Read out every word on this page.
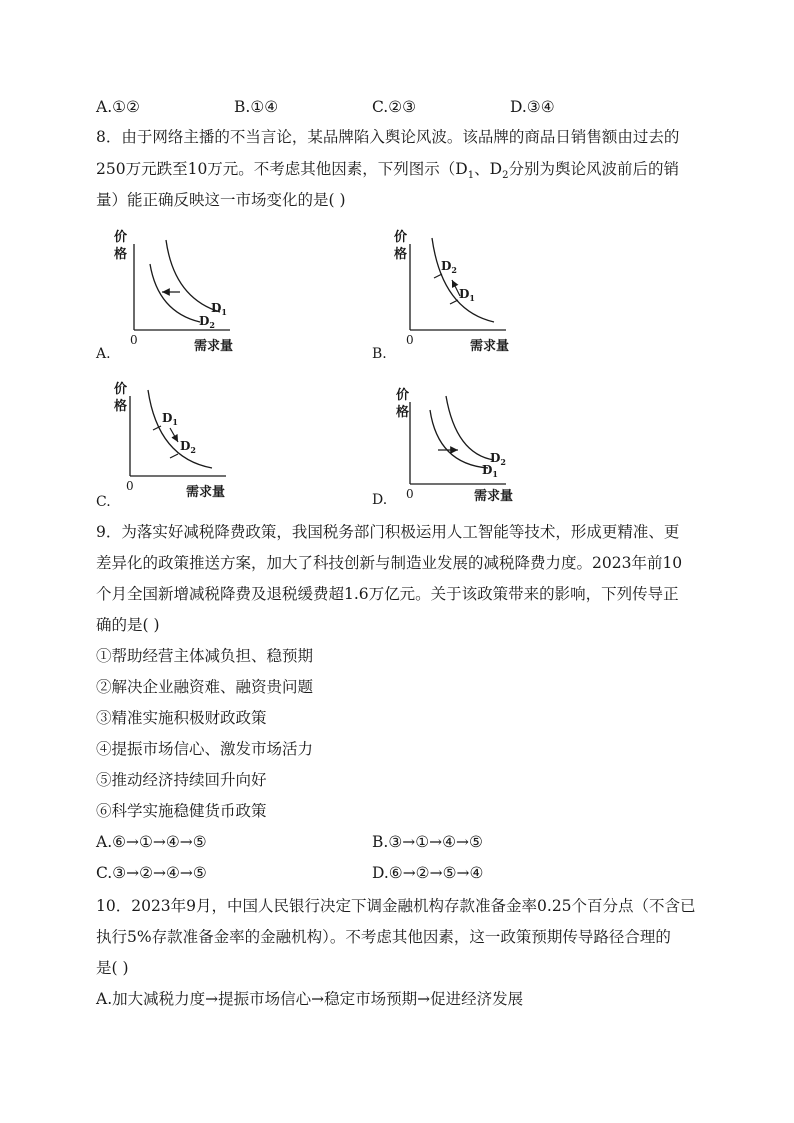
A.①②	B.①④	C.②③	D.③④
8．由于网络主播的不当言论，某品牌陷入舆论风波。该品牌的商品日销售额由过去的
250万元跌至10万元。不考虑其他因素，下列图示（$D_1$、$D_2$分别为舆论风波前后的销
量）能正确反映这一市场变化的是( )
价
格
$D_1$
$D_2$
0	需求量
A.
价
格
$D_2$
$D_1$
0	需求量
B.
价
格
$D_1$
$D_2$
0	需求量
C.
价
格
$D_2$
$D_1$
0	需求量
D.
9．为落实好减税降费政策，我国税务部门积极运用人工智能等技术，形成更精准、更
差异化的政策推送方案，加大了科技创新与制造业发展的减税降费力度。2023年前10
个月全国新增减税降费及退税缓费超1.6万亿元。关于该政策带来的影响，下列传导正
确的是( )
①帮助经营主体减负担、稳预期
②解决企业融资难、融资贵问题
③精准实施积极财政政策
④提振市场信心、激发市场活力
⑤推动经济持续回升向好
⑥科学实施稳健货币政策
A.⑥→①→④→⑤	B.③→①→④→⑤
C.③→②→④→⑤	D.⑥→②→⑤→④
10．2023年9月，中国人民银行决定下调金融机构存款准备金率0.25个百分点（不含已
执行5%存款准备金率的金融机构）。不考虑其他因素，这一政策预期传导路径合理的
是( )
A.加大减税力度→提振市场信心→稳定市场预期→促进经济发展
